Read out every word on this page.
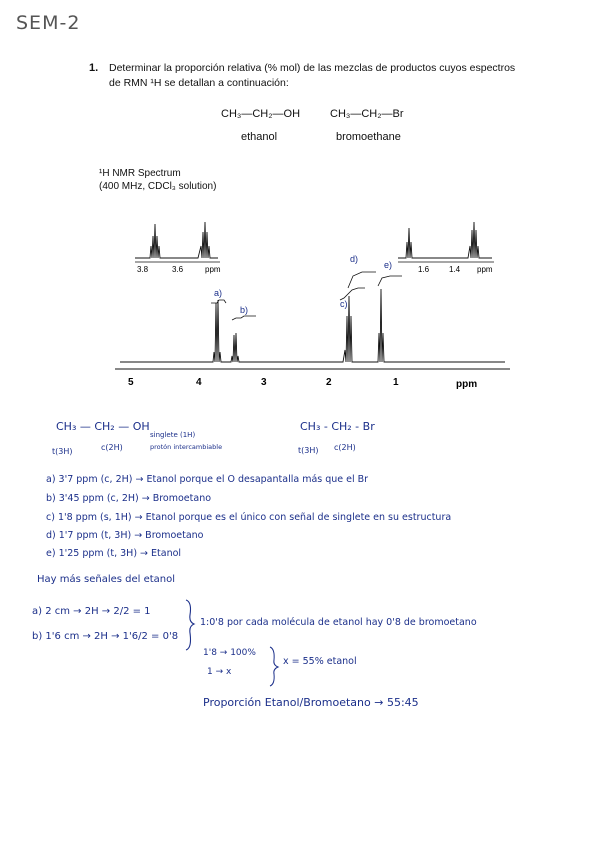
SEM-2
1. Determinar la proporción relativa (% mol) de las mezclas de productos cuyos espectros
de RMN ¹H se detallan a continuación:
CH₃—CH₂—OH
ethanol
CH₃—CH₂—Br
bromoethane
¹H NMR Spectrum
(400 MHz, CDCl₃ solution)
3.8	3.6	ppm	1.6 1.4 ppm
5	4	3	2	1	ppm
a)
b)
c)
d)
e)
CH₃ — CH₂ — OH
t(3H)	c(2H)
singlete (1H)
protón intercambiable
CH₃ - CH₂ - Br
t(3H) c(2H)
a) 3'7 ppm (c, 2H) → Etanol porque el O desapantalla más que el Br
b) 3'45 ppm (c, 2H) → Bromoetano
c) 1'8 ppm (s, 1H) → Etanol porque es el único con señal de singlete en su estructura
d) 1'7 ppm (t, 3H) → Bromoetano
e) 1'25 ppm (t, 3H) → Etanol
Hay más señales del etanol
a) 2 cm → 2H → 2/2 = 1
b) 1'6 cm → 2H → 1'6/2 = 0'8
1:0'8 por cada molécula de etanol hay 0'8 de bromoetano
1'8 → 100%
1 → x
x = 55% etanol
Proporción Etanol/Bromoetano → 55:45
